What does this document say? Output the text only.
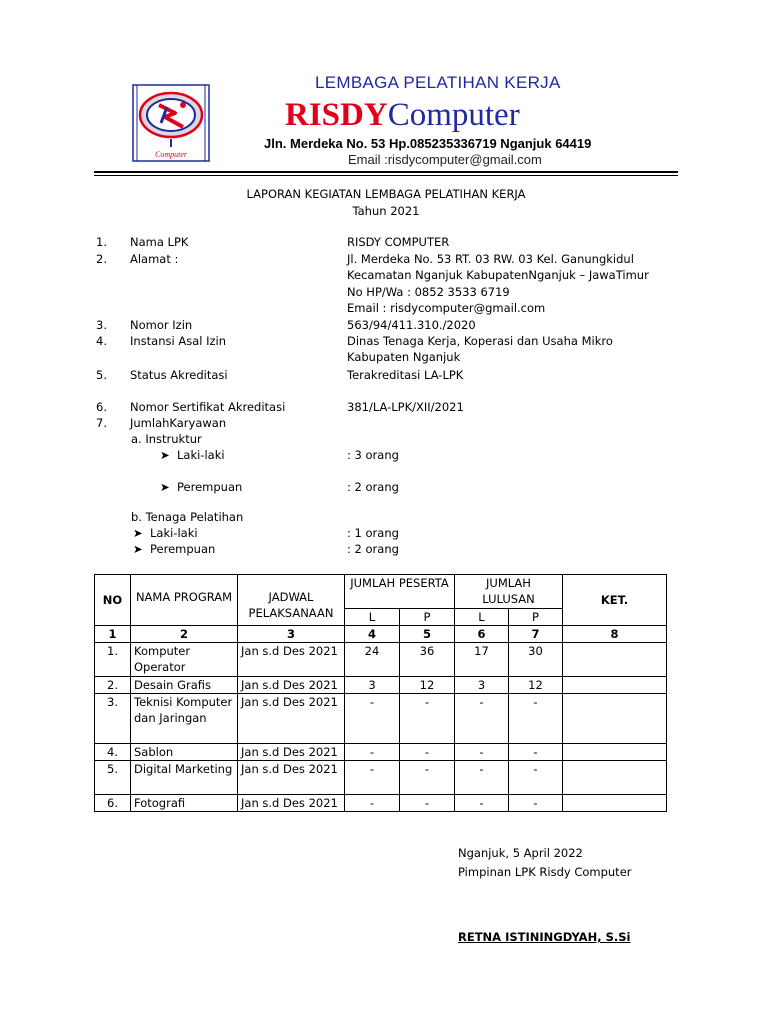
Computer
LEMBAGA PELATIHAN KERJA
RISDYComputer
Jln. Merdeka No. 53 Hp.085235336719 Nganjuk 64419
Email :risdycomputer@gmail.com
LAPORAN KEGIATAN LEMBAGA PELATIHAN KERJA
Tahun 2021
1. Nama LPK	RISDY COMPUTER
2. Alamat :	Jl. Merdeka No. 53 RT. 03 RW. 03 Kel. Ganungkidul
Kecamatan Nganjuk KabupatenNganjuk – JawaTimur
No HP/Wa : 0852 3533 6719
Email : risdycomputer@gmail.com
3. Nomor Izin	563/94/411.310./2020
4. Instansi Asal Izin	Dinas Tenaga Kerja, Koperasi dan Usaha Mikro
Kabupaten Nganjuk
5. Status Akreditasi	Terakreditasi LA-LPK
6. Nomor Sertifikat Akreditasi	381/LA-LPK/XII/2021
7. JumlahKaryawan
a. Instruktur
➤ Laki-laki	: 3 orang
➤ Perempuan	: 2 orang
b. Tenaga Pelatihan
➤ Laki-laki	: 1 orang
➤ Perempuan	: 2 orang
NO	NAMA PROGRAM	JADWAL PELAKSANAAN	JUMLAH PESERTA		JUMLAH LULUSAN		KET.
			L	P	L	P	
1	2	3	4	5	6	7	8
1.	Komputer Operator	Jan s.d Des 2021	24	36	17	30	
2.	Desain Grafis	Jan s.d Des 2021	3	12	3	12	
3.	Teknisi Komputer dan Jaringan	Jan s.d Des 2021	-	-	-	-	
4.	Sablon	Jan s.d Des 2021	-	-	-	-	
5.	Digital Marketing	Jan s.d Des 2021	-	-	-	-	
6.	Fotografi	Jan s.d Des 2021	-	-	-	-	
Nganjuk, 5 April 2022
Pimpinan LPK Risdy Computer
RETNA ISTININGDYAH, S.Si
